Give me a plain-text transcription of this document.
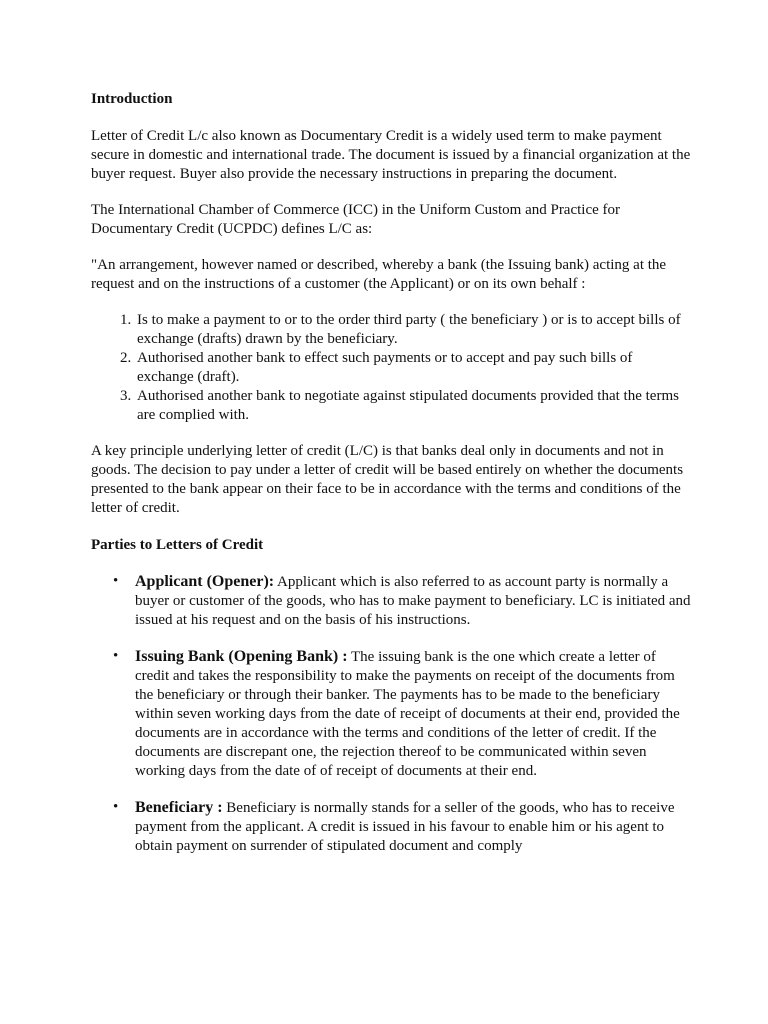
Introduction

Letter of Credit L/c also known as Documentary Credit is a widely used term to make payment secure in domestic and international trade. The document is issued by a financial organization at the buyer request. Buyer also provide the necessary instructions in preparing the document.

The International Chamber of Commerce (ICC) in the Uniform Custom and Practice for Documentary Credit (UCPDC) defines L/C as:

"An arrangement, however named or described, whereby a bank (the Issuing bank) acting at the request and on the instructions of a customer (the Applicant) or on its own behalf :

1. Is to make a payment to or to the order third party ( the beneficiary ) or is to accept bills of exchange (drafts) drawn by the beneficiary.
2. Authorised another bank to effect such payments or to accept and pay such bills of exchange (draft).
3. Authorised another bank to negotiate against stipulated documents provided that the terms are complied with.

A key principle underlying letter of credit (L/C) is that banks deal only in documents and not in goods. The decision to pay under a letter of credit will be based entirely on whether the documents presented to the bank appear on their face to be in accordance with the terms and conditions of the letter of credit.

Parties to Letters of Credit
• Applicant (Opener): Applicant which is also referred to as account party is normally a buyer or customer of the goods, who has to make payment to beneficiary. LC is initiated and issued at his request and on the basis of his instructions.
• Issuing Bank (Opening Bank) : The issuing bank is the one which create a letter of credit and takes the responsibility to make the payments on receipt of the documents from the beneficiary or through their banker. The payments has to be made to the beneficiary within seven working days from the date of receipt of documents at their end, provided the documents are in accordance with the terms and conditions of the letter of credit. If the documents are discrepant one, the rejection thereof to be communicated within seven working days from the date of of receipt of documents at their end.
• Beneficiary : Beneficiary is normally stands for a seller of the goods, who has to receive payment from the applicant. A credit is issued in his favour to enable him or his agent to obtain payment on surrender of stipulated document and comply
